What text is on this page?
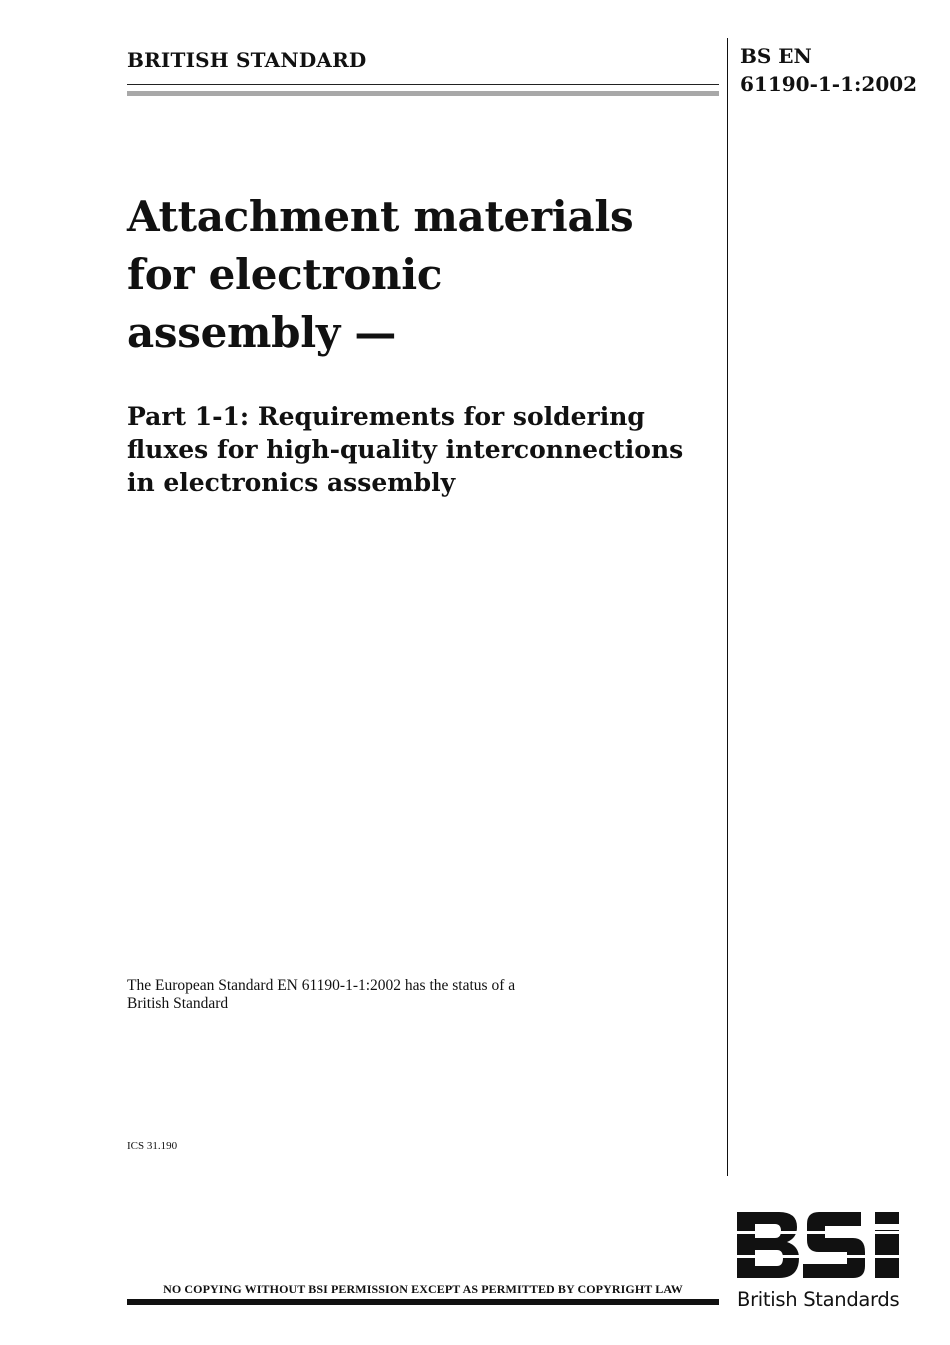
BRITISH STANDARD	BS EN
61190-1-1:2002
Attachment materials
for electronic
assembly —
Part 1-1: Requirements for soldering
fluxes for high-quality interconnections
in electronics assembly
The European Standard EN 61190-1-1:2002 has the status of a
British Standard
ICS 31.190
NO COPYING WITHOUT BSI PERMISSION EXCEPT AS PERMITTED BY COPYRIGHT LAW	British Standards
